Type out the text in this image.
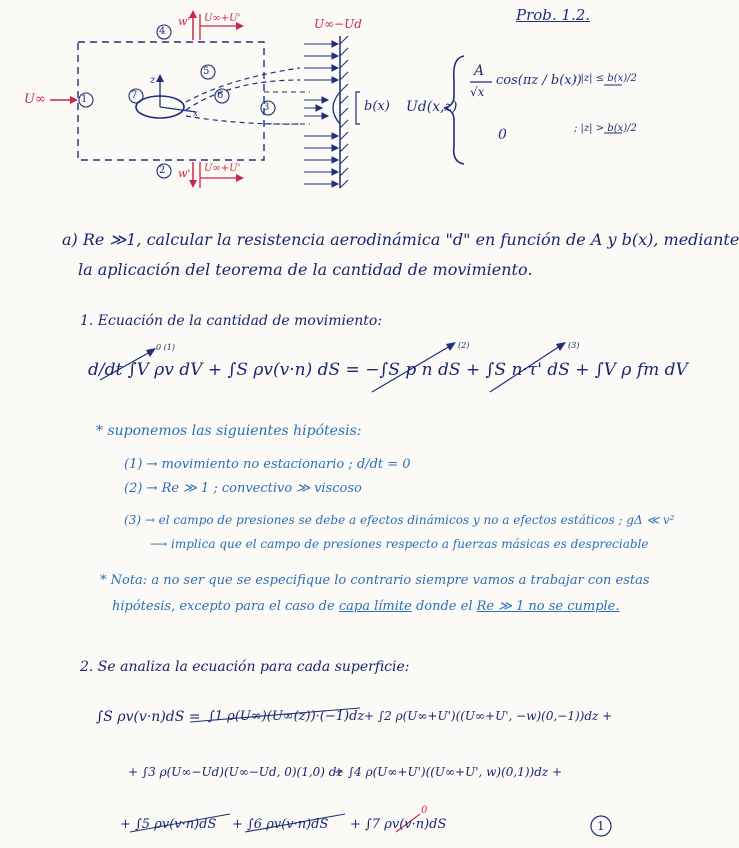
Prob. 1.2.
U∞
U∞−Ud
w' U∞+U'
w' U∞+U'
b(x)
1
2
3
4
5
6
7
z
x	Ud(x,z)
A
√x
cos(πz / b(x))
; |z| ≤ b(x)/2
0	; |z| > b(x)/2
a) Re ≫1, calcular la resistencia aerodinámica "d" en función de A y b(x), mediante
la aplicación del teorema de la cantidad de movimiento.
1. Ecuación de la cantidad de movimiento:
d/dt ∫V ρv dV + ∫S ρv(v·n) dS = −∫S p n dS + ∫S n·τ' dS + ∫V ρ fm dV
0 (1)	(2)	(3)
* suponemos las siguientes hipótesis:
(1) → movimiento no estacionario ; d/dt = 0
(2) → Re ≫ 1 ; convectivo ≫ viscoso
(3) → el campo de presiones se debe a efectos dinámicos y no a efectos estáticos ; gΔ ≪ v²
⟶ implica que el campo de presiones respecto a fuerzas másicas es despreciable
* Nota: a no ser que se especifique lo contrario siempre vamos a trabajar con estas
hipótesis, excepto para el caso de capa límite donde el Re ≫ 1 no se cumple.
2. Se analiza la ecuación para cada superficie:
∫S ρv(v·n)dS = ∫1 ρ(U∞)(U∞(z))·(−1)dz + ∫2 ρ(U∞+U')((U∞+U', −w)(0,−1))dz +
+ ∫3 ρ(U∞−Ud)(U∞−Ud, 0)(1,0) dz
+ ∫4 ρ(U∞+U')((U∞+U', w)(0,1))dz +
+ ∫5 ρv(v·n)dS + ∫6 ρv(v·n)dS + ∫7 ρv(v·n)dS
0
1
